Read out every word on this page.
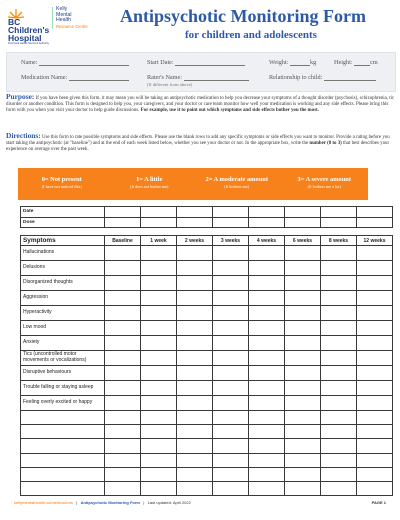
BC
Children's
Hospital
Provincial Health Services Authority
Kelly
Mental
Health
Resource Centre
Antipsychotic Monitoring Form
for children and adolescents
Name:	Start Date:	Weight:	kg	Height:	cm
Medication Name:	Rater's Name:
(If different from above)
Relationship to child:
Purpose: If you have been given this form, it may mean you will be taking an antipsychotic medication to help you decrease your symptoms of a thought disorder (psychosis), schizophrenia, tic disorder or another condition. This form is designed to help you, your caregivers, and your doctor or care team monitor how well your medication is working and any side effects. Please bring this form with you when you visit your doctor to help guide discussions. For example, use it to point out which symptoms and side effects bother you the most.
Directions: Use this form to rate possible symptoms and side effects. Please use the blank rows to add any specific symptoms or side effects you want to monitor. Provide a rating before you start taking the antipsychotic (at "baseline") and at the end of each week listed below, whether you see your doctor or not. In the appropriate box, write the number (0 to 3) that best describes your experience on average over the past week.
0= Not present
(I have not noticed this)
1= A little
(It does not bother me)
2= A moderate amount
(It bothers me)
3= A severe amount
(It bothers me a lot)
Date								
Dose								
Symptoms	Baseline	1 week	2 weeks	3 weeks	4 weeks	6 weeks	8 weeks	12 weeks
Hallucinations								
Delusions								
Disorganized thoughts								
Aggression								
Hyperactivity								
Low mood								
Anxiety								
Tics (uncontrolled motor movements or vocalizations)								
Disruptive behaviours								
Trouble falling or staying asleep								
Feeling overly excited or happy								

keltymentalhealth.ca/medications   |   Antipsychotic Monitoring Form   |   Last updated: April 2022	PAGE 1
